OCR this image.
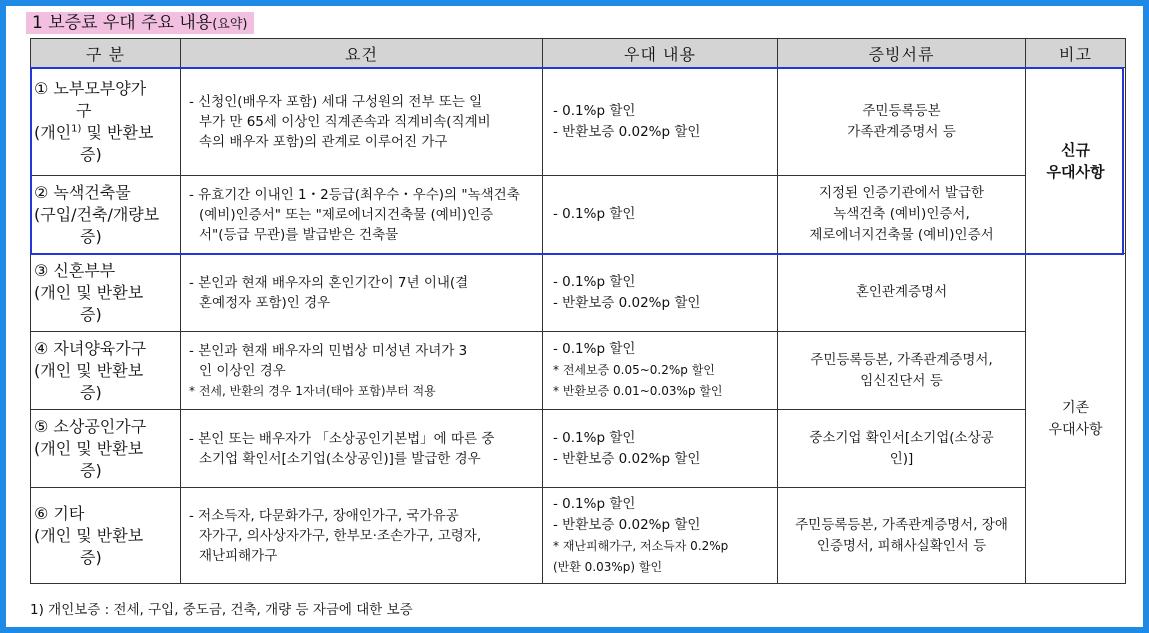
1 보증료 우대 주요 내용(요약)
구 분	요건	우대 내용	증빙서류	비고

① 노부모부양가
구
(개인$^{1)}$ 및 반환보
증)	- 신청인(배우자 포함) 세대 구성원의 전부 또는 일
부가 만 65세 이상인 직계존속과 직계비속(직계비
속의 배우자 포함)의 관계로 이루어진 가구	- 0.1%p 할인
- 반환보증 0.02%p 할인	주민등록등본
가족관계증명서 등	신규
우대사항

② 녹색건축물
(구입/건축/개량보
증)	- 유효기간 이내인 1・2등급(최우수・우수)의 "녹색건축
(예비)인증서" 또는 "제로에너지건축물 (예비)인증
서"(등급 무관)를 발급받은 건축물	- 0.1%p 할인	지정된 인증기관에서 발급한
녹색건축 (예비)인증서,
제로에너지건축물 (예비)인증서	

③ 신혼부부
(개인 및 반환보
증)	- 본인과 현재 배우자의 혼인기간이 7년 이내(결
혼예정자 포함)인 경우	- 0.1%p 할인
- 반환보증 0.02%p 할인	혼인관계증명서	기존
우대사항

④ 자녀양육가구
(개인 및 반환보
증)	- 본인과 현재 배우자의 민법상 미성년 자녀가 3
인 이상인 경우
* 전세, 반환의 경우 1자녀(태아 포함)부터 적용	- 0.1%p 할인
* 전세보증 0.05~0.2%p 할인
* 반환보증 0.01~0.03%p 할인	주민등록등본, 가족관계증명서,
임신진단서 등	

⑤ 소상공인가구
(개인 및 반환보
증)	- 본인 또는 배우자가 「소상공인기본법」에 따른 중
소기업 확인서[소기업(소상공인)]를 발급한 경우	- 0.1%p 할인
- 반환보증 0.02%p 할인	중소기업 확인서[소기업(소상공
인)]	

⑥ 기타
(개인 및 반환보
증)	- 저소득자, 다문화가구, 장애인가구, 국가유공
자가구, 의사상자가구, 한부모·조손가구, 고령자,
재난피해가구	- 0.1%p 할인
- 반환보증 0.02%p 할인
* 재난피해가구, 저소득자 0.2%p
(반환 0.03%p) 할인	주민등록등본, 가족관계증명서, 장애
인증명서, 피해사실확인서 등	
1) 개인보증 : 전세, 구입, 중도금, 건축, 개량 등 자금에 대한 보증
